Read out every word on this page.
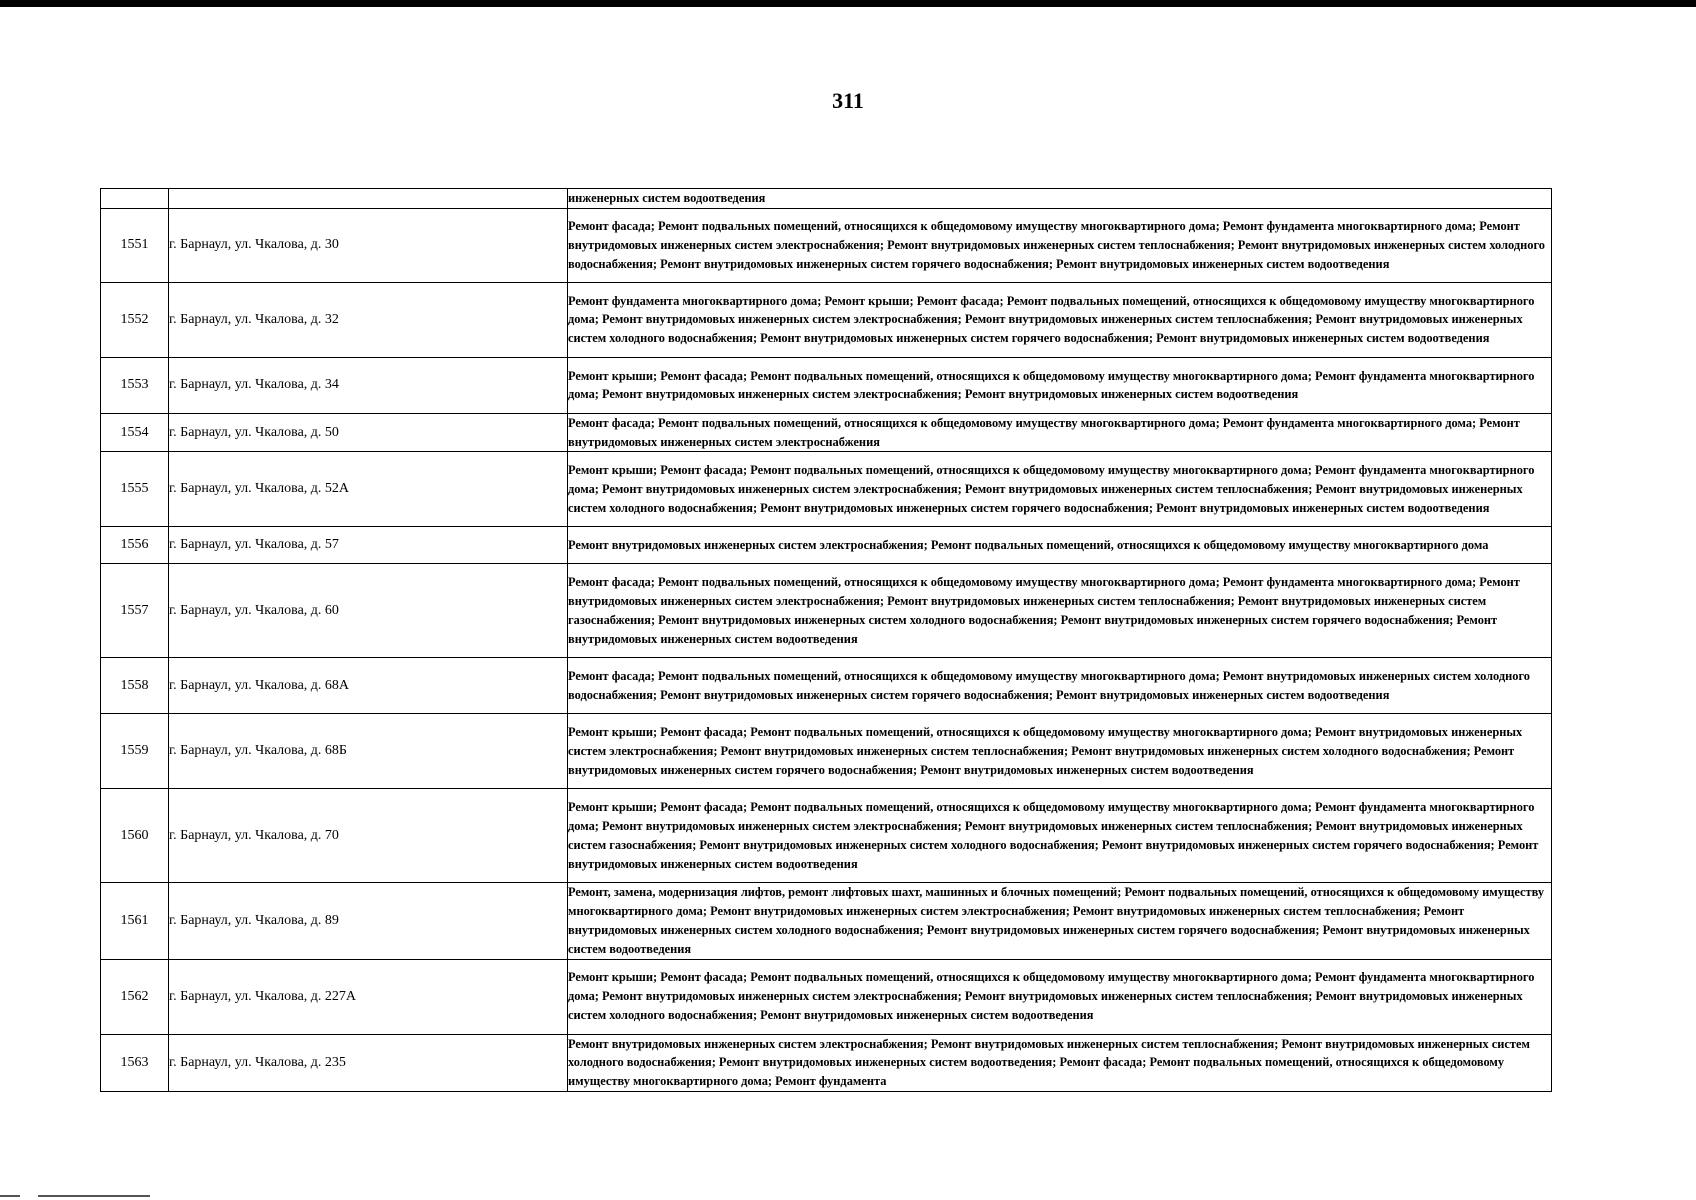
311
		инженерных систем водоотведения
1551	г. Барнаул, ул. Чкалова, д. 30	Ремонт фасада; Ремонт подвальных помещений, относящихся к общедомовому имуществу многоквартирного дома; Ремонт фундамента многоквартирного дома; Ремонт внутридомовых инженерных систем электроснабжения; Ремонт внутридомовых инженерных систем теплоснабжения; Ремонт внутридомовых инженерных систем холодного водоснабжения; Ремонт внутридомовых инженерных систем горячего водоснабжения; Ремонт внутридомовых инженерных систем водоотведения
1552	г. Барнаул, ул. Чкалова, д. 32	Ремонт фундамента многоквартирного дома; Ремонт крыши; Ремонт фасада; Ремонт подвальных помещений, относящихся к общедомовому имуществу многоквартирного дома; Ремонт внутридомовых инженерных систем электроснабжения; Ремонт внутридомовых инженерных систем теплоснабжения; Ремонт внутридомовых инженерных систем холодного водоснабжения; Ремонт внутридомовых инженерных систем горячего водоснабжения; Ремонт внутридомовых инженерных систем водоотведения
1553	г. Барнаул, ул. Чкалова, д. 34	Ремонт крыши; Ремонт фасада; Ремонт подвальных помещений, относящихся к общедомовому имуществу многоквартирного дома; Ремонт фундамента многоквартирного дома; Ремонт внутридомовых инженерных систем электроснабжения; Ремонт внутридомовых инженерных систем водоотведения
1554	г. Барнаул, ул. Чкалова, д. 50	Ремонт фасада; Ремонт подвальных помещений, относящихся к общедомовому имуществу многоквартирного дома; Ремонт фундамента многоквартирного дома; Ремонт внутридомовых инженерных систем электроснабжения
1555	г. Барнаул, ул. Чкалова, д. 52А	Ремонт крыши; Ремонт фасада; Ремонт подвальных помещений, относящихся к общедомовому имуществу многоквартирного дома; Ремонт фундамента многоквартирного дома; Ремонт внутридомовых инженерных систем электроснабжения; Ремонт внутридомовых инженерных систем теплоснабжения; Ремонт внутридомовых инженерных систем холодного водоснабжения; Ремонт внутридомовых инженерных систем горячего водоснабжения; Ремонт внутридомовых инженерных систем водоотведения
1556	г. Барнаул, ул. Чкалова, д. 57	Ремонт внутридомовых инженерных систем электроснабжения; Ремонт подвальных помещений, относящихся к общедомовому имуществу многоквартирного дома
1557	г. Барнаул, ул. Чкалова, д. 60	Ремонт фасада; Ремонт подвальных помещений, относящихся к общедомовому имуществу многоквартирного дома; Ремонт фундамента многоквартирного дома; Ремонт внутридомовых инженерных систем электроснабжения; Ремонт внутридомовых инженерных систем теплоснабжения; Ремонт внутридомовых инженерных систем газоснабжения; Ремонт внутридомовых инженерных систем холодного водоснабжения; Ремонт внутридомовых инженерных систем горячего водоснабжения; Ремонт внутридомовых инженерных систем водоотведения
1558	г. Барнаул, ул. Чкалова, д. 68А	Ремонт фасада; Ремонт подвальных помещений, относящихся к общедомовому имуществу многоквартирного дома; Ремонт внутридомовых инженерных систем холодного водоснабжения; Ремонт внутридомовых инженерных систем горячего водоснабжения; Ремонт внутридомовых инженерных систем водоотведения
1559	г. Барнаул, ул. Чкалова, д. 68Б	Ремонт крыши; Ремонт фасада; Ремонт подвальных помещений, относящихся к общедомовому имуществу многоквартирного дома; Ремонт внутридомовых инженерных систем электроснабжения; Ремонт внутридомовых инженерных систем теплоснабжения; Ремонт внутридомовых инженерных систем холодного водоснабжения; Ремонт внутридомовых инженерных систем горячего водоснабжения; Ремонт внутридомовых инженерных систем водоотведения
1560	г. Барнаул, ул. Чкалова, д. 70	Ремонт крыши; Ремонт фасада; Ремонт подвальных помещений, относящихся к общедомовому имуществу многоквартирного дома; Ремонт фундамента многоквартирного дома; Ремонт внутридомовых инженерных систем электроснабжения; Ремонт внутридомовых инженерных систем теплоснабжения; Ремонт внутридомовых инженерных систем газоснабжения; Ремонт внутридомовых инженерных систем холодного водоснабжения; Ремонт внутридомовых инженерных систем горячего водоснабжения; Ремонт внутридомовых инженерных систем водоотведения
1561	г. Барнаул, ул. Чкалова, д. 89	Ремонт, замена, модернизация лифтов, ремонт лифтовых шахт, машинных и блочных помещений; Ремонт подвальных помещений, относящихся к общедомовому имуществу многоквартирного дома; Ремонт внутридомовых инженерных систем электроснабжения; Ремонт внутридомовых инженерных систем теплоснабжения; Ремонт внутридомовых инженерных систем холодного водоснабжения; Ремонт внутридомовых инженерных систем горячего водоснабжения; Ремонт внутридомовых инженерных систем водоотведения
1562	г. Барнаул, ул. Чкалова, д. 227А	Ремонт крыши; Ремонт фасада; Ремонт подвальных помещений, относящихся к общедомовому имуществу многоквартирного дома; Ремонт фундамента многоквартирного дома; Ремонт внутридомовых инженерных систем электроснабжения; Ремонт внутридомовых инженерных систем теплоснабжения; Ремонт внутридомовых инженерных систем холодного водоснабжения; Ремонт внутридомовых инженерных систем водоотведения
1563	г. Барнаул, ул. Чкалова, д. 235	Ремонт внутридомовых инженерных систем электроснабжения; Ремонт внутридомовых инженерных систем теплоснабжения; Ремонт внутридомовых инженерных систем холодного водоснабжения; Ремонт внутридомовых инженерных систем водоотведения; Ремонт фасада; Ремонт подвальных помещений, относящихся к общедомовому имуществу многоквартирного дома; Ремонт фундамента
